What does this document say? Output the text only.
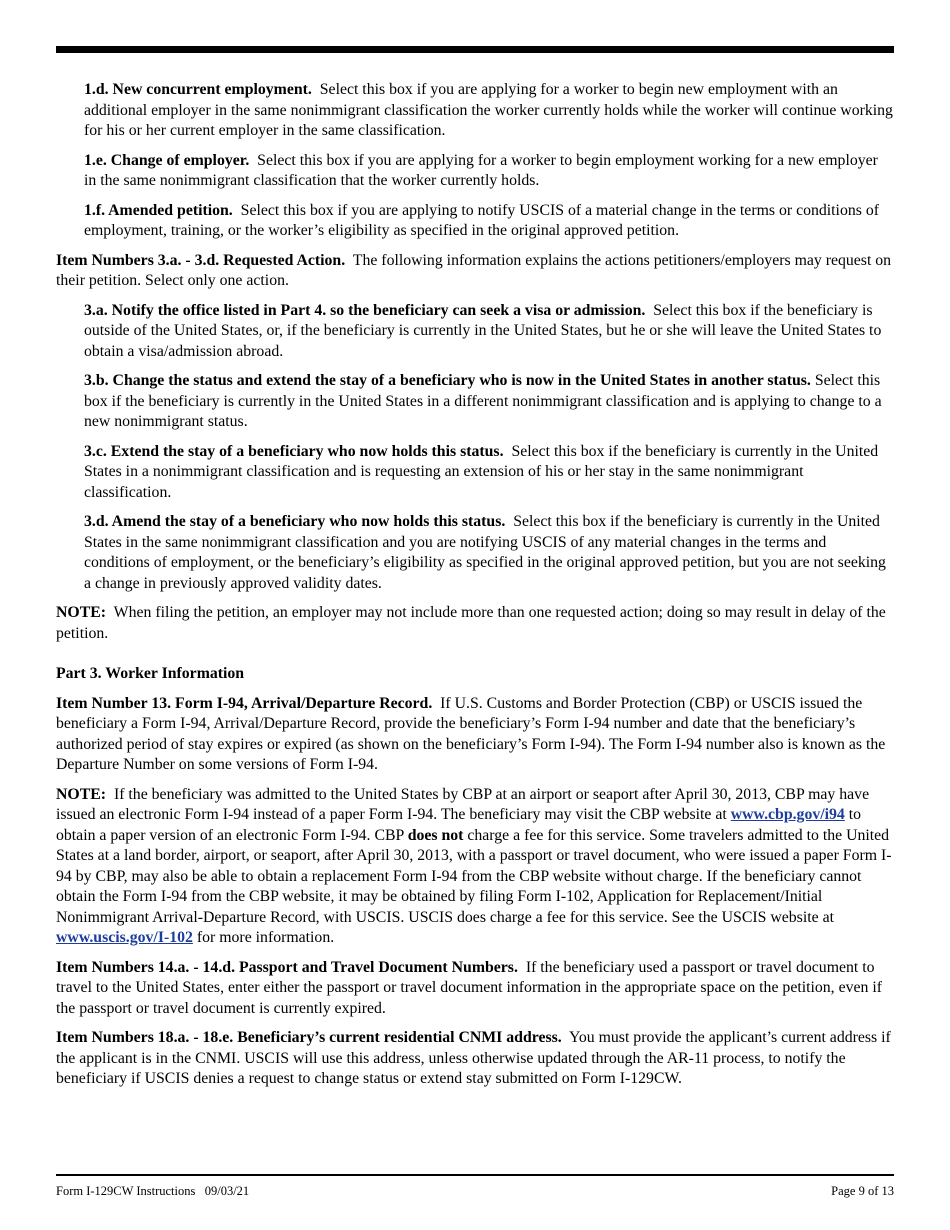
1.d. New concurrent employment. Select this box if you are applying for a worker to begin new employment with an additional employer in the same nonimmigrant classification the worker currently holds while the worker will continue working for his or her current employer in the same classification.

1.e. Change of employer. Select this box if you are applying for a worker to begin employment working for a new employer in the same nonimmigrant classification that the worker currently holds.

1.f. Amended petition. Select this box if you are applying to notify USCIS of a material change in the terms or conditions of employment, training, or the worker’s eligibility as specified in the original approved petition.

Item Numbers 3.a. - 3.d. Requested Action. The following information explains the actions petitioners/employers may request on their petition. Select only one action.

3.a. Notify the office listed in Part 4. so the beneficiary can seek a visa or admission. Select this box if the beneficiary is outside of the United States, or, if the beneficiary is currently in the United States, but he or she will leave the United States to obtain a visa/admission abroad.

3.b. Change the status and extend the stay of a beneficiary who is now in the United States in another status. Select this box if the beneficiary is currently in the United States in a different nonimmigrant classification and is applying to change to a new nonimmigrant status.

3.c. Extend the stay of a beneficiary who now holds this status. Select this box if the beneficiary is currently in the United States in a nonimmigrant classification and is requesting an extension of his or her stay in the same nonimmigrant classification.

3.d. Amend the stay of a beneficiary who now holds this status. Select this box if the beneficiary is currently in the United States in the same nonimmigrant classification and you are notifying USCIS of any material changes in the terms and conditions of employment, or the beneficiary’s eligibility as specified in the original approved petition, but you are not seeking a change in previously approved validity dates.

NOTE: When filing the petition, an employer may not include more than one requested action; doing so may result in delay of the petition.

Part 3. Worker Information

Item Number 13. Form I-94, Arrival/Departure Record. If U.S. Customs and Border Protection (CBP) or USCIS issued the beneficiary a Form I-94, Arrival/Departure Record, provide the beneficiary’s Form I-94 number and date that the beneficiary’s authorized period of stay expires or expired (as shown on the beneficiary’s Form I-94). The Form I-94 number also is known as the Departure Number on some versions of Form I-94.

NOTE: If the beneficiary was admitted to the United States by CBP at an airport or seaport after April 30, 2013, CBP may have issued an electronic Form I-94 instead of a paper Form I-94. The beneficiary may visit the CBP website at www.cbp.gov/i94 to obtain a paper version of an electronic Form I-94. CBP does not charge a fee for this service. Some travelers admitted to the United States at a land border, airport, or seaport, after April 30, 2013, with a passport or travel document, who were issued a paper Form I-94 by CBP, may also be able to obtain a replacement Form I-94 from the CBP website without charge. If the beneficiary cannot obtain the Form I-94 from the CBP website, it may be obtained by filing Form I-102, Application for Replacement/Initial Nonimmigrant Arrival-Departure Record, with USCIS. USCIS does charge a fee for this service. See the USCIS website at www.uscis.gov/I-102 for more information.

Item Numbers 14.a. - 14.d. Passport and Travel Document Numbers. If the beneficiary used a passport or travel document to travel to the United States, enter either the passport or travel document information in the appropriate space on the petition, even if the passport or travel document is currently expired.

Item Numbers 18.a. - 18.e. Beneficiary’s current residential CNMI address. You must provide the applicant’s current address if the applicant is in the CNMI. USCIS will use this address, unless otherwise updated through the AR-11 process, to notify the beneficiary if USCIS denies a request to change status or extend stay submitted on Form I-129CW.

Form I-129CW Instructions   09/03/21	Page 9 of 13
